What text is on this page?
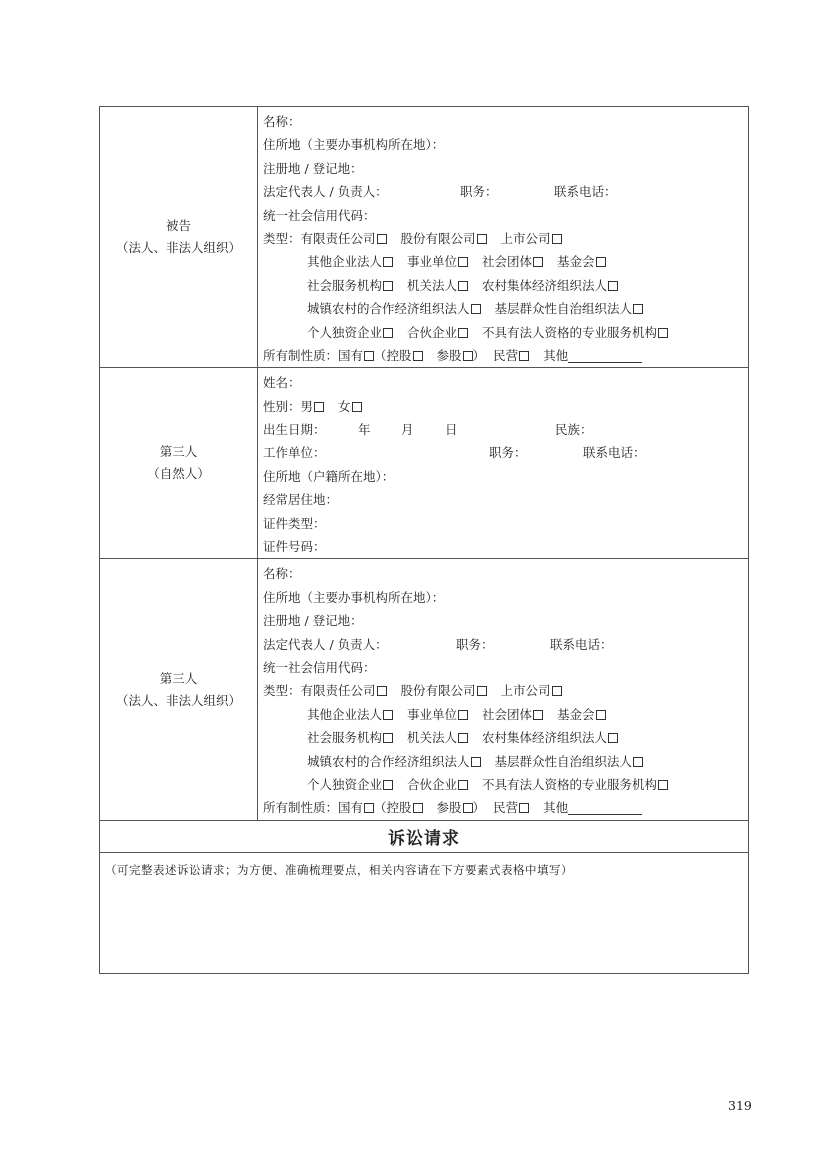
被告
（法人、非法人组织）
名称：
住所地（主要办事机构所在地）：
注册地 / 登记地：
法定代表人 / 负责人：	职务：	联系电话：
统一社会信用代码：
类型：有限责任公司 股份有限公司 上市公司
其他企业法人 事业单位 社会团体 基金会
社会服务机构 机关法人 农村集体经济组织法人
城镇农村的合作经济组织法人 基层群众性自治组织法人
个人独资企业 合伙企业 不具有法人资格的专业服务机构
所有制性质：国有 （控股 参股 ） 民营 其他
第三人
（自然人）
姓名：
性别：男 女
出生日期：	年 月	日	民族：
工作单位：	职务：	联系电话：
住所地（户籍所在地）：
经常居住地：
证件类型：
证件号码：
第三人
（法人、非法人组织）
名称：
住所地（主要办事机构所在地）：
注册地 / 登记地：
法定代表人 / 负责人：	职务：	联系电话：
统一社会信用代码：
类型：有限责任公司 股份有限公司 上市公司
其他企业法人 事业单位 社会团体 基金会
社会服务机构 机关法人 农村集体经济组织法人
城镇农村的合作经济组织法人 基层群众性自治组织法人
个人独资企业 合伙企业 不具有法人资格的专业服务机构
所有制性质：国有 （控股 参股 ） 民营 其他
诉讼请求
（可完整表述诉讼请求；为方便、准确梳理要点，相关内容请在下方要素式表格中填写）
319
